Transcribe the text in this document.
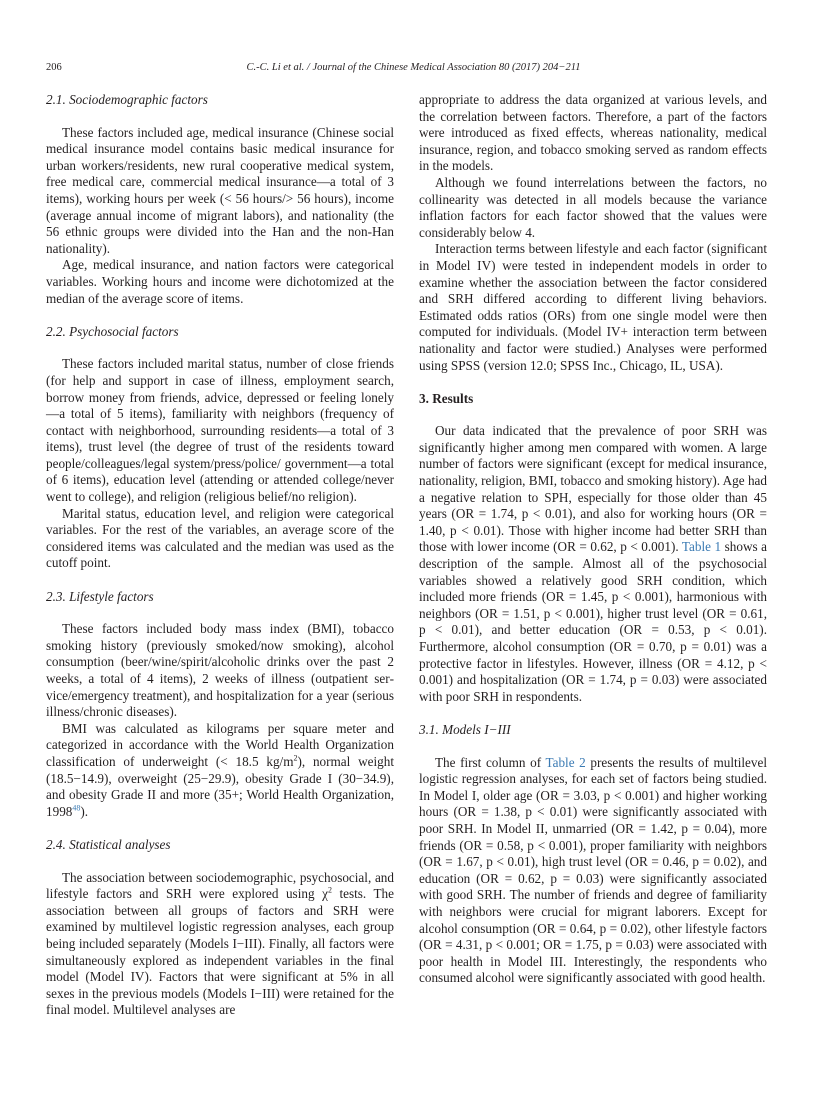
206	C.-C. Li et al. / Journal of the Chinese Medical Association 80 (2017) 204−211
2.1. Sociodemographic factors

These factors included age, medical insurance (Chinese social medical insurance model contains basic medical insurance for urban workers/residents, new rural cooperative medical system, free medical care, commercial medical insurance—a total of 3 items), working hours per week (< 56 hours/> 56 hours), income (average annual income of migrant labors), and nationality (the 56 ethnic groups were divided into the Han and the non-Han nationality).

Age, medical insurance, and nation factors were categorical variables. Working hours and income were dichotomized at the median of the average score of items.

2.2. Psychosocial factors

These factors included marital status, number of close friends (for help and support in case of illness, employment search, borrow money from friends, advice, depressed or feeling lonely—a total of 5 items), familiarity with neighbors (frequency of contact with neighborhood, surrounding residents—a total of 3 items), trust level (the degree of trust of the residents toward people/colleagues/legal system/press/police/ government—a total of 6 items), education level (attending or attended college/never went to college), and religion (religious belief/no religion).

Marital status, education level, and religion were categorical variables. For the rest of the variables, an average score of the considered items was calculated and the median was used as the cutoff point.

2.3. Lifestyle factors

These factors included body mass index (BMI), tobacco smoking history (previously smoked/now smoking), alcohol consumption (beer/wine/spirit/alcoholic drinks over the past 2 weeks, a total of 4 items), 2 weeks of illness (outpatient service/emergency treatment), and hospitalization for a year (serious illness/chronic diseases).

BMI was calculated as kilograms per square meter and categorized in accordance with the World Health Organization classification of underweight (< 18.5 $kg/m^2$), normal weight (18.5−14.9), overweight (25−29.9), obesity Grade I (30−34.9), and obesity Grade II and more (35+; World Health Organization, 1998$^{48}$).

2.4. Statistical analyses

The association between sociodemographic, psychosocial, and lifestyle factors and SRH were explored using $\chi^2$ tests. The association between all groups of factors and SRH were examined by multilevel logistic regression analyses, each group being included separately (Models I−III). Finally, all factors were simultaneously explored as independent variables in the final model (Model IV). Factors that were significant at 5% in all sexes in the previous models (Models I−III) were retained for the final model. Multilevel analyses are

appropriate to address the data organized at various levels, and the correlation between factors. Therefore, a part of the factors were introduced as fixed effects, whereas nationality, medical insurance, region, and tobacco smoking served as random effects in the models.

Although we found interrelations between the factors, no collinearity was detected in all models because the variance inflation factors for each factor showed that the values were considerably below 4.

Interaction terms between lifestyle and each factor (significant in Model IV) were tested in independent models in order to examine whether the association between the factor considered and SRH differed according to different living behaviors. Estimated odds ratios (ORs) from one single model were then computed for individuals. (Model IV+ interaction term between nationality and factor were studied.) Analyses were performed using SPSS (version 12.0; SPSS Inc., Chicago, IL, USA).

3. Results

Our data indicated that the prevalence of poor SRH was significantly higher among men compared with women. A large number of factors were significant (except for medical insurance, nationality, religion, BMI, tobacco and smoking history). Age had a negative relation to SPH, especially for those older than 45 years (OR = 1.74, p < 0.01), and also for working hours (OR = 1.40, p < 0.01). Those with higher income had better SRH than those with lower income (OR = 0.62, p < 0.001). Table 1 shows a description of the sample. Almost all of the psychosocial variables showed a relatively good SRH condition, which included more friends (OR = 1.45, p < 0.001), harmonious with neighbors (OR = 1.51, p < 0.001), higher trust level (OR = 0.61, p < 0.01), and better education (OR = 0.53, p < 0.01). Furthermore, alcohol consumption (OR = 0.70, p = 0.01) was a protective factor in lifestyles. However, illness (OR = 4.12, p < 0.001) and hospitalization (OR = 1.74, p = 0.03) were associated with poor SRH in respondents.

3.1. Models I−III

The first column of Table 2 presents the results of multilevel logistic regression analyses, for each set of factors being studied. In Model I, older age (OR = 3.03, p < 0.001) and higher working hours (OR = 1.38, p < 0.01) were significantly associated with poor SRH. In Model II, unmarried (OR = 1.42, p = 0.04), more friends (OR = 0.58, p < 0.001), proper familiarity with neighbors (OR = 1.67, p < 0.01), high trust level (OR = 0.46, p = 0.02), and education (OR = 0.62, p = 0.03) were significantly associated with good SRH. The number of friends and degree of familiarity with neighbors were crucial for migrant laborers. Except for alcohol consumption (OR = 0.64, p = 0.02), other lifestyle factors (OR = 4.31, p < 0.001; OR = 1.75, p = 0.03) were associated with poor health in Model III. Interestingly, the respondents who consumed alcohol were significantly associated with good health.
